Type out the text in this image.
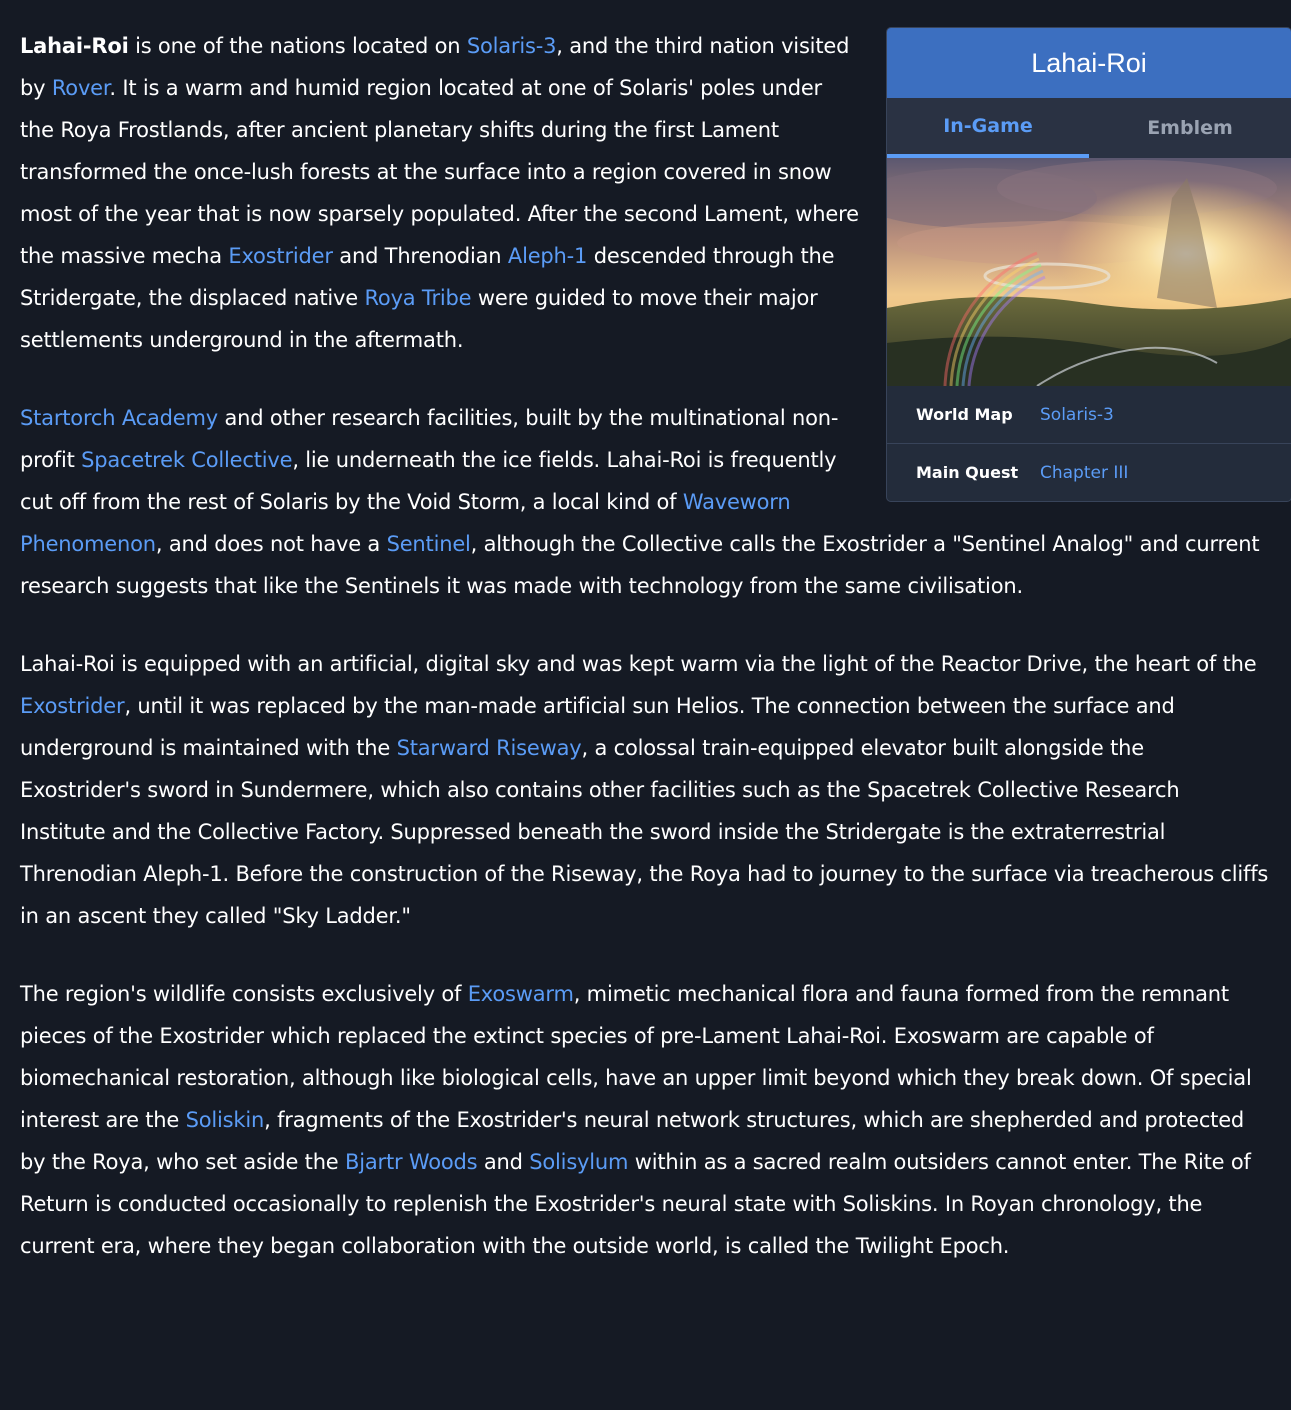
Lahai-Roi
In-Game	Emblem
World Map	Solaris-3
Main Quest	Chapter III

Lahai-Roi is one of the nations located on Solaris-3, and the third nation visited by Rover. It is a warm and humid region located at one of Solaris' poles under the Roya Frostlands, after ancient planetary shifts during the first Lament transformed the once-lush forests at the surface into a region covered in snow most of the year that is now sparsely populated. After the second Lament, where the massive mecha Exostrider and Threnodian Aleph-1 descended through the Stridergate, the displaced native Roya Tribe were guided to move their major settlements underground in the aftermath.

Startorch Academy and other research facilities, built by the multinational non-profit Spacetrek Collective, lie underneath the ice fields. Lahai-Roi is frequently cut off from the rest of Solaris by the Void Storm, a local kind of Waveworn Phenomenon, and does not have a Sentinel, although the Collective calls the Exostrider a "Sentinel Analog" and current research suggests that like the Sentinels it was made with technology from the same civilisation.

Lahai-Roi is equipped with an artificial, digital sky and was kept warm via the light of the Reactor Drive, the heart of the Exostrider, until it was replaced by the man-made artificial sun Helios. The connection between the surface and underground is maintained with the Starward Riseway, a colossal train-equipped elevator built alongside the Exostrider's sword in Sundermere, which also contains other facilities such as the Spacetrek Collective Research Institute and the Collective Factory. Suppressed beneath the sword inside the Stridergate is the extraterrestrial Threnodian Aleph-1. Before the construction of the Riseway, the Roya had to journey to the surface via treacherous cliffs in an ascent they called "Sky Ladder."

The region's wildlife consists exclusively of Exoswarm, mimetic mechanical flora and fauna formed from the remnant pieces of the Exostrider which replaced the extinct species of pre-Lament Lahai-Roi. Exoswarm are capable of biomechanical restoration, although like biological cells, have an upper limit beyond which they break down. Of special interest are the Soliskin, fragments of the Exostrider's neural network structures, which are shepherded and protected by the Roya, who set aside the Bjartr Woods and Solisylum within as a sacred realm outsiders cannot enter. The Rite of Return is conducted occasionally to replenish the Exostrider's neural state with Soliskins. In Royan chronology, the current era, where they began collaboration with the outside world, is called the Twilight Epoch.
